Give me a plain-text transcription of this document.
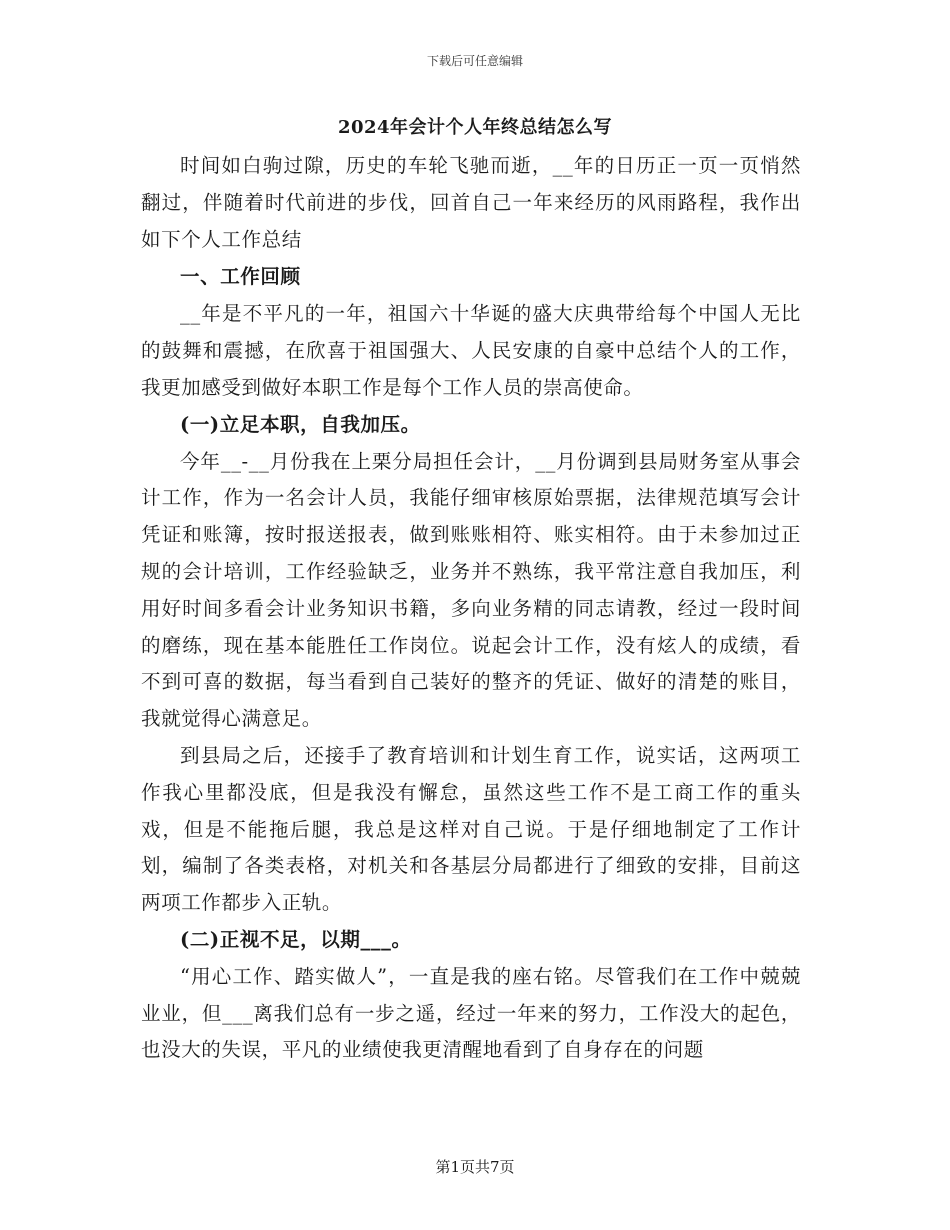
下载后可任意编辑
2024年会计个人年终总结怎么写

时间如白驹过隙，历史的车轮飞驰而逝，__年的日历正一页一页悄然翻过，伴随着时代前进的步伐，回首自己一年来经历的风雨路程，我作出如下个人工作总结

一、工作回顾

__年是不平凡的一年，祖国六十华诞的盛大庆典带给每个中国人无比的鼓舞和震撼，在欣喜于祖国强大、人民安康的自豪中总结个人的工作，我更加感受到做好本职工作是每个工作人员的崇高使命。

(一)立足本职，自我加压。

今年__-__月份我在上栗分局担任会计，__月份调到县局财务室从事会计工作，作为一名会计人员，我能仔细审核原始票据，法律规范填写会计凭证和账簿，按时报送报表，做到账账相符、账实相符。由于未参加过正规的会计培训，工作经验缺乏，业务并不熟练，我平常注意自我加压，利用好时间多看会计业务知识书籍，多向业务精的同志请教，经过一段时间的磨练，现在基本能胜任工作岗位。说起会计工作，没有炫人的成绩，看不到可喜的数据，每当看到自己装好的整齐的凭证、做好的清楚的账目，我就觉得心满意足。

到县局之后，还接手了教育培训和计划生育工作，说实话，这两项工作我心里都没底，但是我没有懈怠，虽然这些工作不是工商工作的重头戏，但是不能拖后腿，我总是这样对自己说。于是仔细地制定了工作计划，编制了各类表格，对机关和各基层分局都进行了细致的安排，目前这两项工作都步入正轨。

(二)正视不足，以期___。

“用心工作、踏实做人”，一直是我的座右铭。尽管我们在工作中兢兢业业，但___离我们总有一步之遥，经过一年来的努力，工作没大的起色，也没大的失误，平凡的业绩使我更清醒地看到了自身存在的问题

第1页共7页
